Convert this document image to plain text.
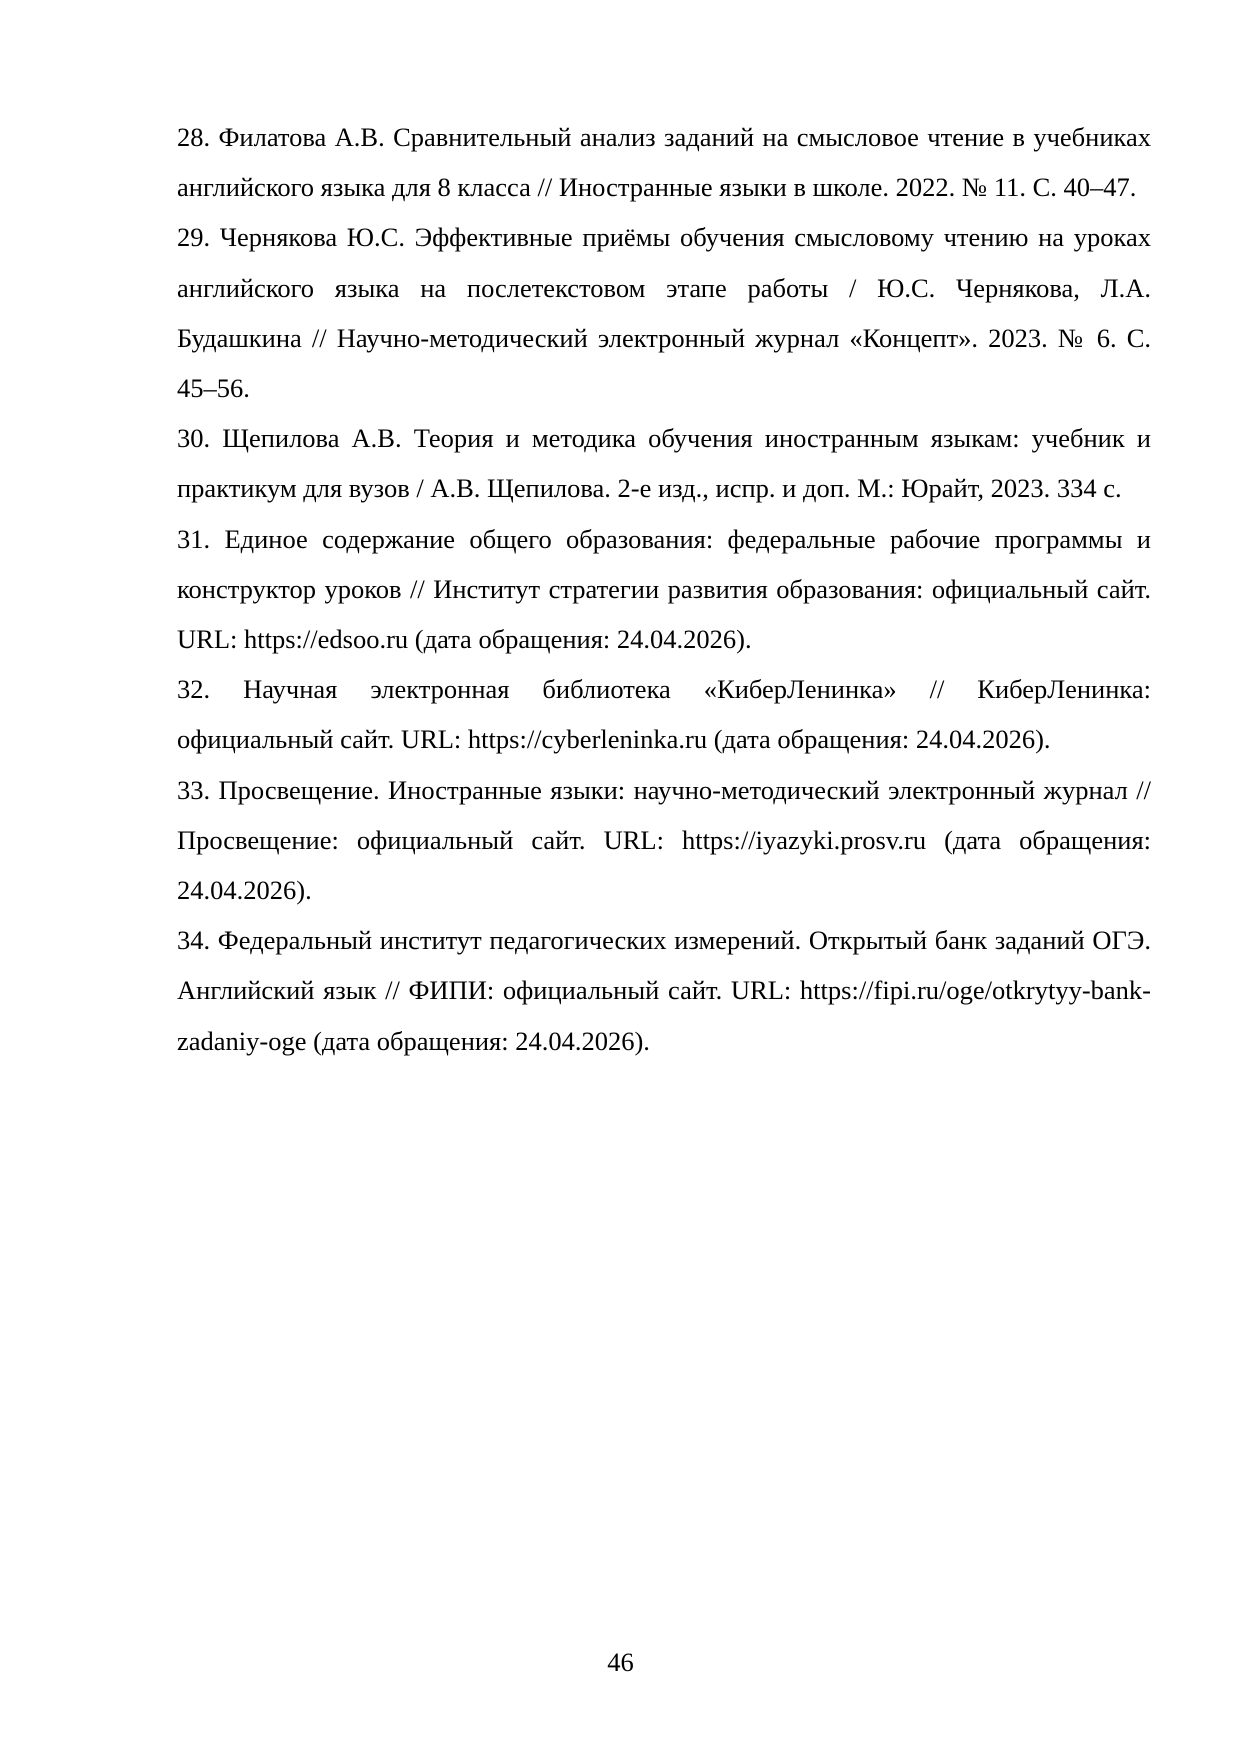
28. Филатова А.В. Сравнительный анализ заданий на смысловое чтение в учебниках английского языка для 8 класса // Иностранные языки в школе. 2022. № 11. С. 40–47.
29. Чернякова Ю.С. Эффективные приёмы обучения смысловому чтению на уроках английского языка на послетекстовом этапе работы / Ю.С. Чернякова, Л.А. Будашкина // Научно-методический электронный журнал «Концепт». 2023. № 6. С. 45–56.
30. Щепилова А.В. Теория и методика обучения иностранным языкам: учебник и практикум для вузов / А.В. Щепилова. 2-е изд., испр. и доп. М.: Юрайт, 2023. 334 с.
31. Единое содержание общего образования: федеральные рабочие программы и конструктор уроков // Институт стратегии развития образования: официальный сайт. URL: https://edsoo.ru (дата обращения: 24.04.2026).
32. Научная электронная библиотека «КиберЛенинка» // КиберЛенинка: официальный сайт. URL: https://cyberleninka.ru (дата обращения: 24.04.2026).
33. Просвещение. Иностранные языки: научно-методический электронный журнал // Просвещение: официальный сайт. URL: https://iyazyki.prosv.ru (дата обращения: 24.04.2026).
34. Федеральный институт педагогических измерений. Открытый банк заданий ОГЭ. Английский язык // ФИПИ: официальный сайт. URL: https://fipi.ru/oge/otkrytyy-bank-zadaniy-oge (дата обращения: 24.04.2026).
46
